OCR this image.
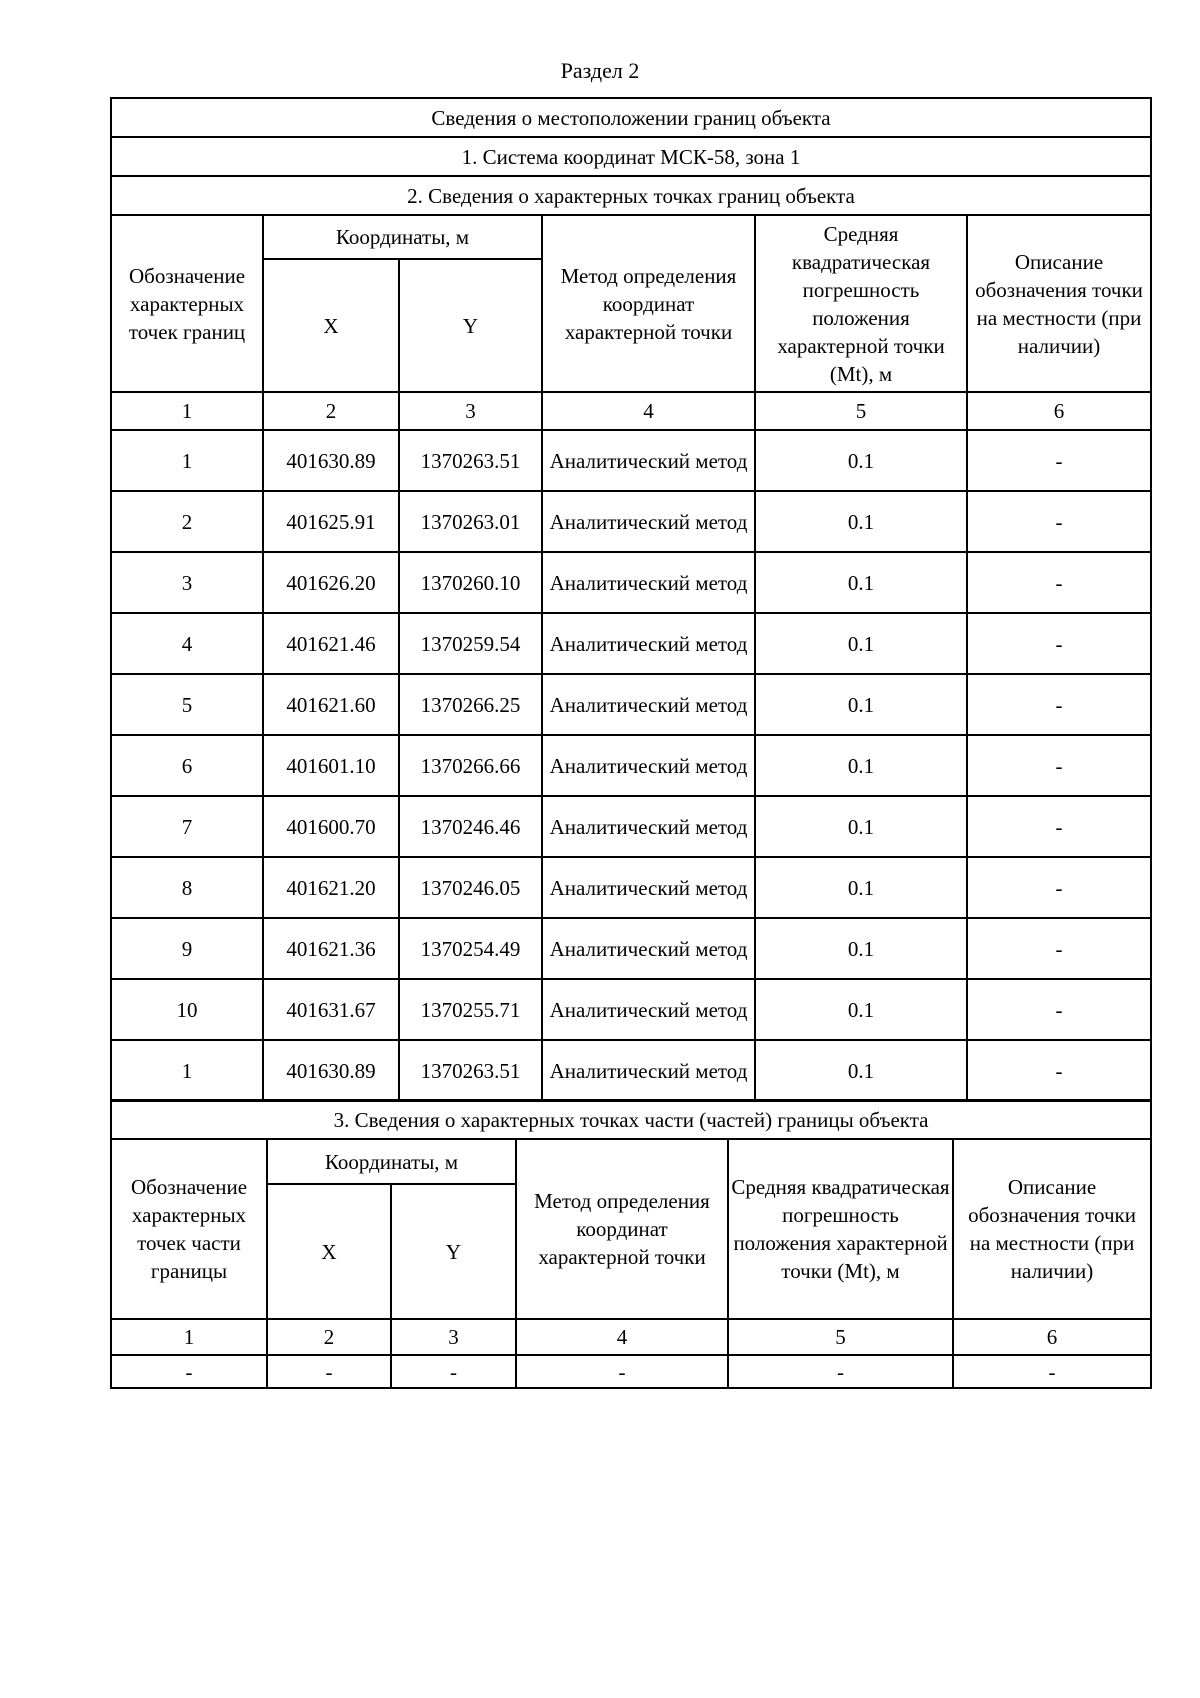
Раздел 2
Сведения о местоположении границ объекта					
1. Система координат МСК-58, зона 1					
2. Сведения о характерных точках границ объекта					
Обозначение характерных точек границ	Координаты, м		Метод определения координат характерной точки	Средняя квадратическая погрешность положения характерной точки (Mt), м	Описание обозначения точки на местности (при наличии)
	X	Y			
1	2	3	4	5	6
1	401630.89	1370263.51	Аналитический метод	0.1	-
2	401625.91	1370263.01	Аналитический метод	0.1	-
3	401626.20	1370260.10	Аналитический метод	0.1	-
4	401621.46	1370259.54	Аналитический метод	0.1	-
5	401621.60	1370266.25	Аналитический метод	0.1	-
6	401601.10	1370266.66	Аналитический метод	0.1	-
7	401600.70	1370246.46	Аналитический метод	0.1	-
8	401621.20	1370246.05	Аналитический метод	0.1	-
9	401621.36	1370254.49	Аналитический метод	0.1	-
10	401631.67	1370255.71	Аналитический метод	0.1	-
1	401630.89	1370263.51	Аналитический метод	0.1	-
3. Сведения о характерных точках части (частей) границы объекта					
Обозначение характерных точек части границы	Координаты, м		Метод определения координат характерной точки	Средняя квадратическая погрешность положения характерной точки (Mt), м	Описание обозначения точки на местности (при наличии)
	X	Y			
1	2	3	4	5	6
-	-	-	-	-	-
